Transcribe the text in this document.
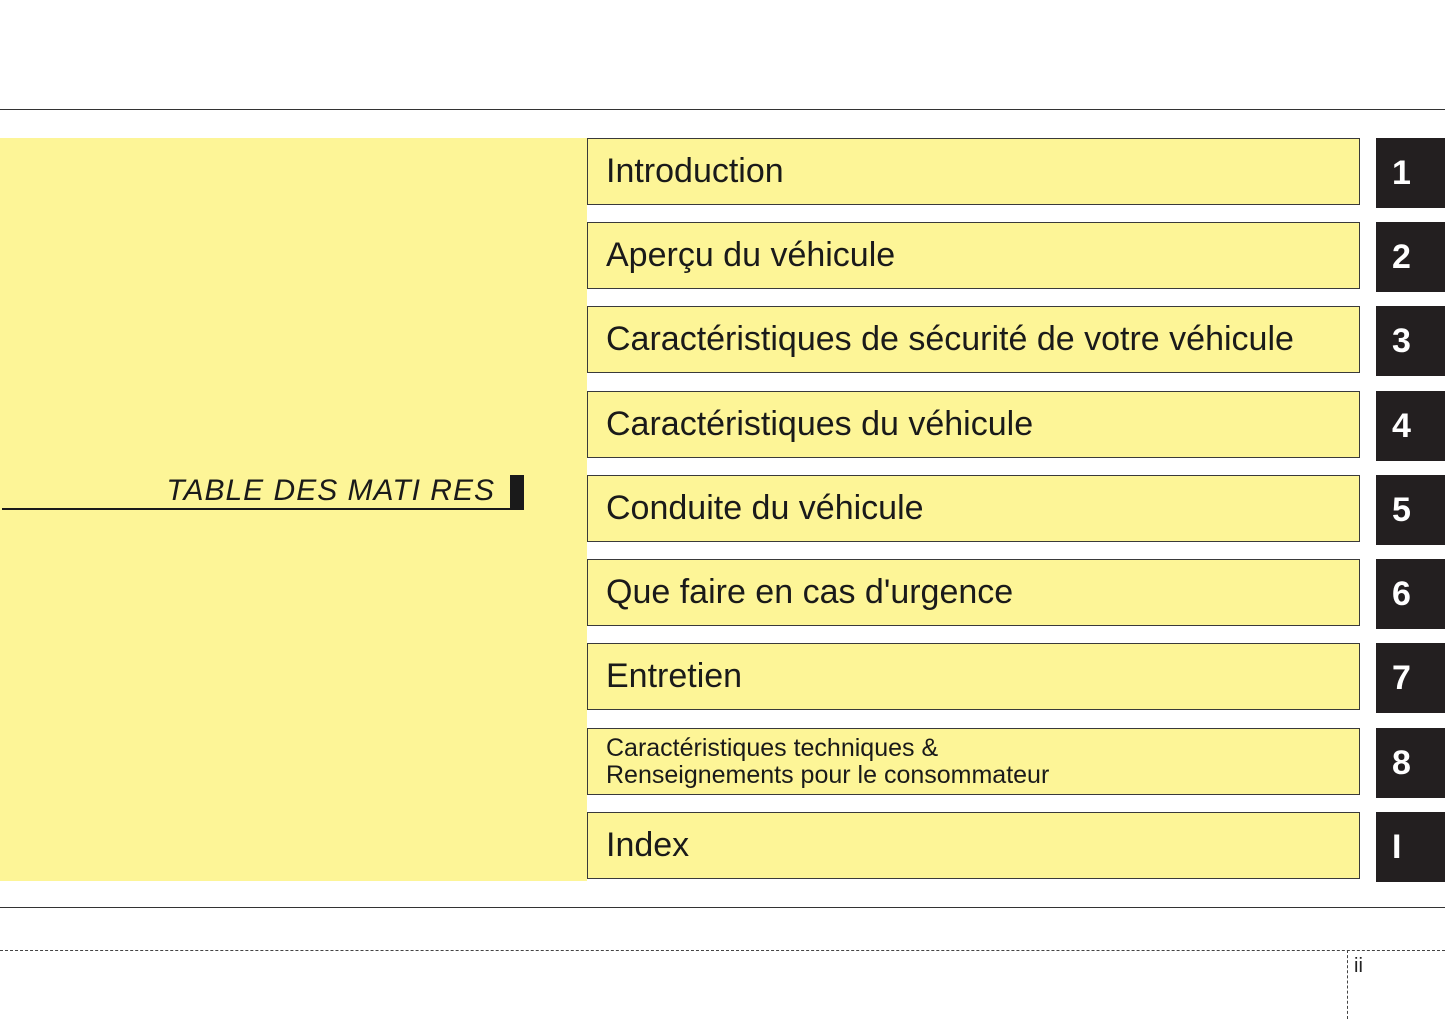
TABLE DES MATI RES
Introduction	1
Aperçu du véhicule	2
Caractéristiques de sécurité de votre véhicule	3
Caractéristiques du véhicule	4
Conduite du véhicule	5
Que faire en cas d'urgence	6
Entretien	7
Caractéristiques techniques &
Renseignements pour le consommateur	8
Index	I
ii
